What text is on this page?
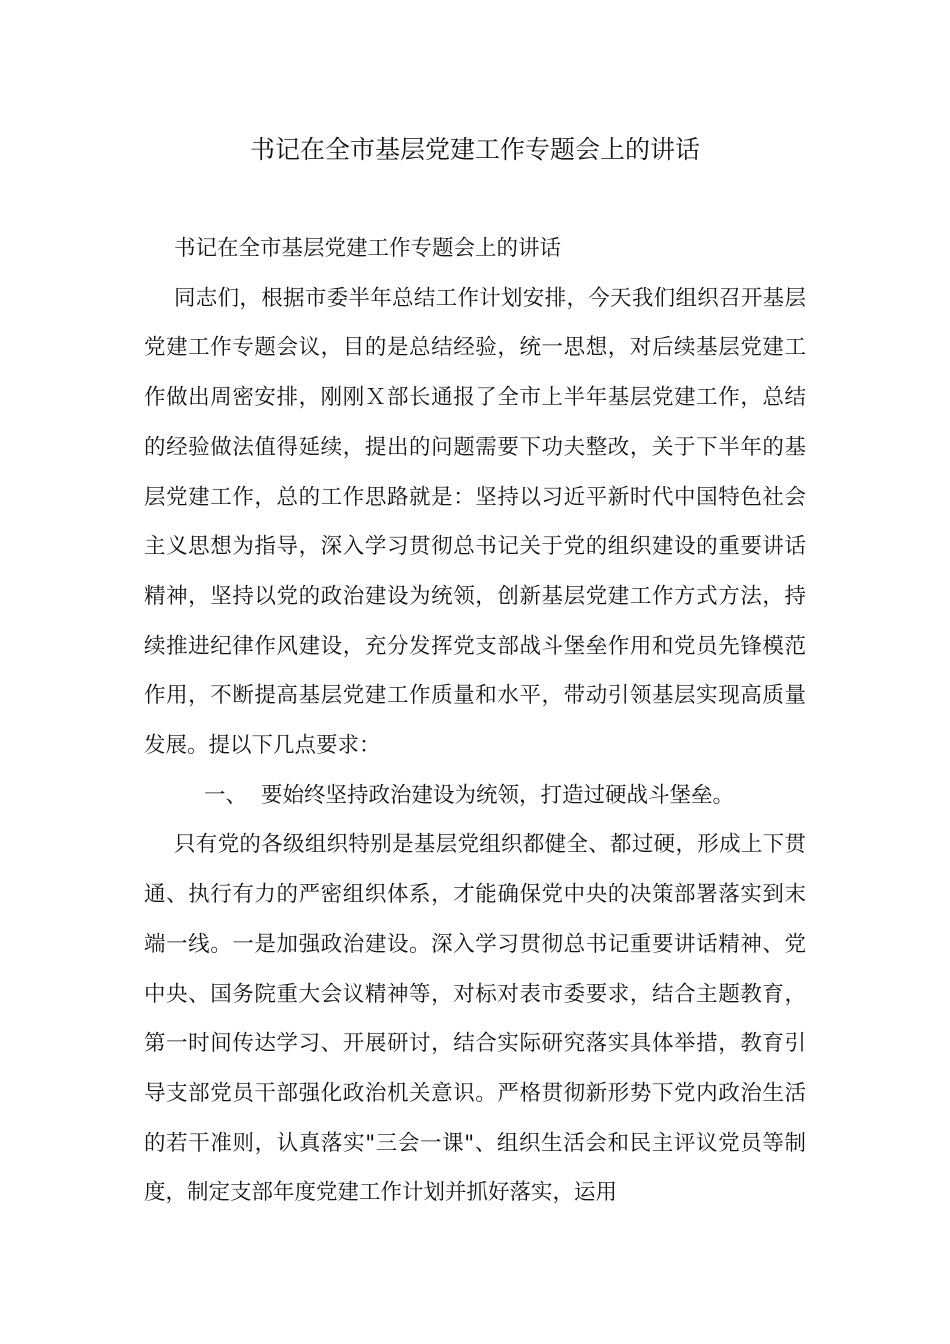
书记在全市基层党建工作专题会上的讲话

书记在全市基层党建工作专题会上的讲话

同志们，根据市委半年总结工作计划安排，今天我们组织召开基层党建工作专题会议，目的是总结经验，统一思想，对后续基层党建工作做出周密安排，刚刚Ｘ部长通报了全市上半年基层党建工作，总结的经验做法值得延续，提出的问题需要下功夫整改，关于下半年的基层党建工作，总的工作思路就是：坚持以习近平新时代中国特色社会主义思想为指导，深入学习贯彻总书记关于党的组织建设的重要讲话精神，坚持以党的政治建设为统领，创新基层党建工作方式方法，持续推进纪律作风建设，充分发挥党支部战斗堡垒作用和党员先锋模范作用，不断提高基层党建工作质量和水平，带动引领基层实现高质量发展。提以下几点要求：

一、 要始终坚持政治建设为统领，打造过硬战斗堡垒。

只有党的各级组织特别是基层党组织都健全、都过硬，形成上下贯通、执行有力的严密组织体系，才能确保党中央的决策部署落实到末端一线。一是加强政治建设。深入学习贯彻总书记重要讲话精神、党中央、国务院重大会议精神等，对标对表市委要求，结合主题教育，第一时间传达学习、开展研讨，结合实际研究落实具体举措，教育引导支部党员干部强化政治机关意识。严格贯彻新形势下党内政治生活的若干准则，认真落实"三会一课"、组织生活会和民主评议党员等制度，制定支部年度党建工作计划并抓好落实，运用
